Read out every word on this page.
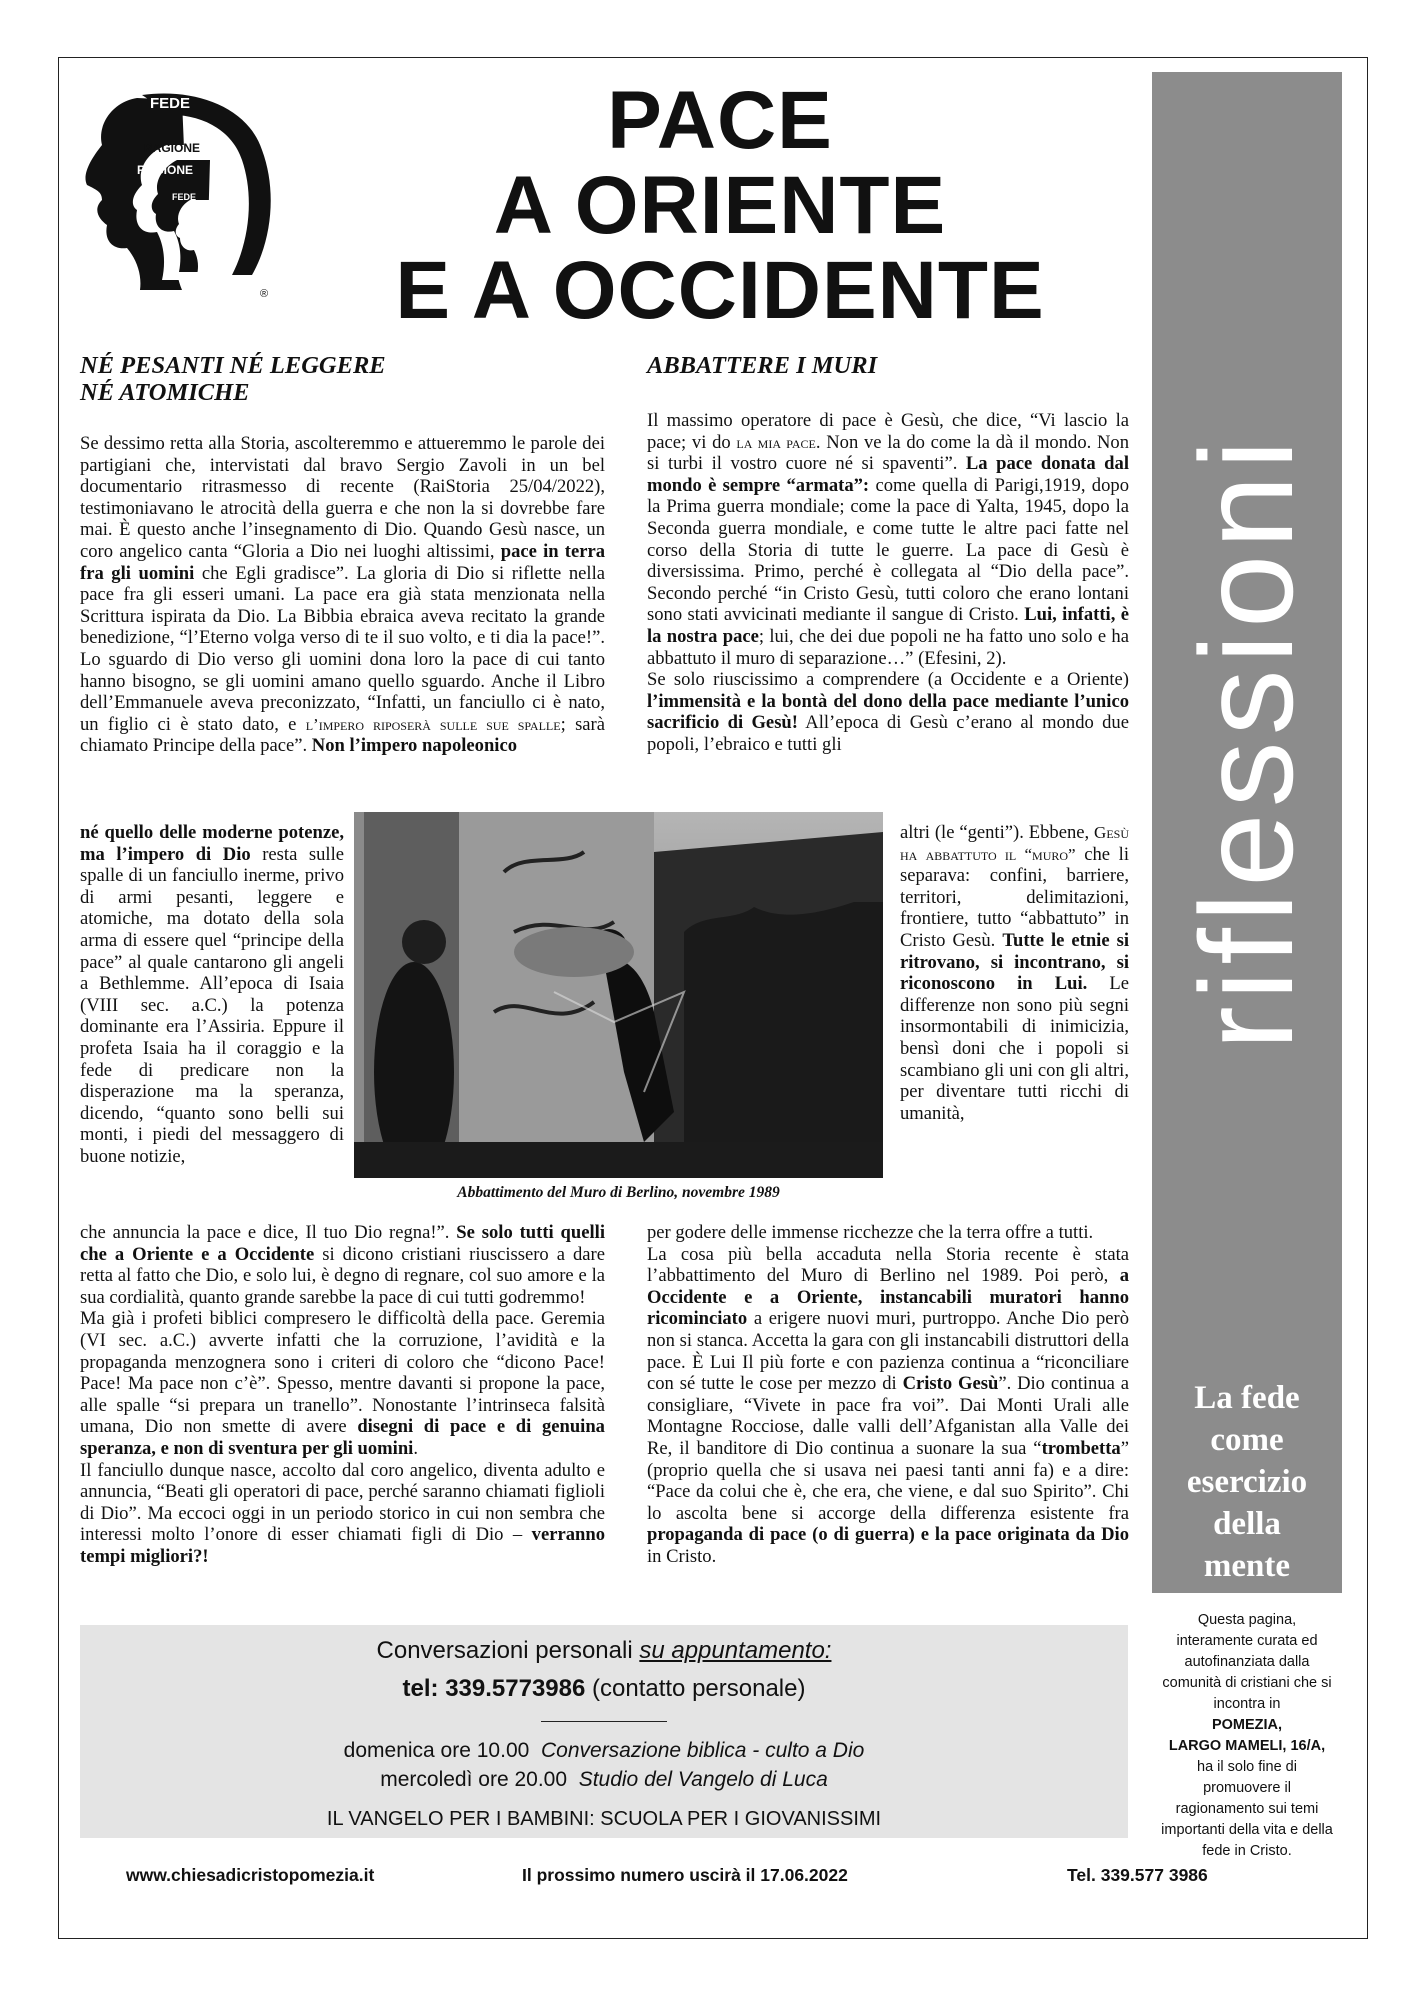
FEDE
RAGIONE
RAGIONE
FEDE
®
PACE
A ORIENTE
E A OCCIDENTE
riflessioni
La fede
come
esercizio
della
mente
Questa pagina, interamente curata ed autofinanziata dalla comunità di cristiani che si incontra in
POMEZIA,
LARGO MAMELI, 16/A,
ha il solo fine di promuovere il ragionamento sui temi importanti della vita e della fede in Cristo.
NÉ PESANTI NÉ LEGGERE
NÉ ATOMICHE

Se dessimo retta alla Storia, ascolteremmo e attueremmo le parole dei partigiani che, intervistati dal bravo Sergio Zavoli in un bel documentario ritrasmesso di recente (RaiStoria 25/04/2022), testimoniavano le atrocità della guerra e che non la si dovrebbe fare mai. È questo anche l’insegnamento di Dio. Quando Gesù nasce, un coro angelico canta “Gloria a Dio nei luoghi altissimi, pace in terra fra gli uomini che Egli gradisce”. La gloria di Dio si riflette nella pace fra gli esseri umani. La pace era già stata menzionata nella Scrittura ispirata da Dio. La Bibbia ebraica aveva recitato la grande benedizione, “l’Eterno volga verso di te il suo volto, e ti dia la pace!”. Lo sguardo di Dio verso gli uomini dona loro la pace di cui tanto hanno bisogno, se gli uomini amano quello sguardo. Anche il Libro dell’Emmanuele aveva preconizzato, “Infatti, un fanciullo ci è nato, un figlio ci è stato dato, e l’impero riposerà sulle sue spalle; sarà chiamato Principe della pace”. Non l’impero napoleonico

né quello delle moderne potenze, ma l’impero di Dio resta sulle spalle di un fanciullo inerme, privo di armi pesanti, leggere e atomiche, ma dotato della sola arma di essere quel “principe della pace” al quale cantarono gli angeli a Bethlemme. All’epoca di Isaia (VIII sec. a.C.) la potenza dominante era l’Assiria. Eppure il profeta Isaia ha il coraggio e la fede di predicare non la disperazione ma la speranza, dicendo, “quanto sono belli sui monti, i piedi del messaggero di buone notizie,

che annuncia la pace e dice, Il tuo Dio regna!”. Se solo tutti quelli che a Oriente e a Occidente si dicono cristiani riuscissero a dare retta al fatto che Dio, e solo lui, è degno di regnare, col suo amore e la sua cordialità, quanto grande sarebbe la pace di cui tutti godremmo!

Ma già i profeti biblici compresero le difficoltà della pace. Geremia (VI sec. a.C.) avverte infatti che la corruzione, l’avidità e la propaganda menzognera sono i criteri di coloro che “dicono Pace! Pace! Ma pace non c’è”. Spesso, mentre davanti si propone la pace, alle spalle “si prepara un tranello”. Nonostante l’intrinseca falsità umana, Dio non smette di avere disegni di pace e di genuina speranza, e non di sventura per gli uomini.

Il fanciullo dunque nasce, accolto dal coro angelico, diventa adulto e annuncia, “Beati gli operatori di pace, perché saranno chiamati figlioli di Dio”. Ma eccoci oggi in un periodo storico in cui non sembra che interessi molto l’onore di esser chiamati figli di Dio – verranno tempi migliori?!

ABBATTERE I MURI

Il massimo operatore di pace è Gesù, che dice, “Vi lascio la pace; vi do la mia pace. Non ve la do come la dà il mondo. Non si turbi il vostro cuore né si spaventi”. La pace donata dal mondo è sempre “armata”: come quella di Parigi,1919, dopo la Prima guerra mondiale; come la pace di Yalta, 1945, dopo la Seconda guerra mondiale, e come tutte le altre paci fatte nel corso della Storia di tutte le guerre. La pace di Gesù è diversissima. Primo, perché è collegata al “Dio della pace”. Secondo perché “in Cristo Gesù, tutti coloro che erano lontani sono stati avvicinati mediante il sangue di Cristo. Lui, infatti, è la nostra pace; lui, che dei due popoli ne ha fatto uno solo e ha abbattuto il muro di separazione…” (Efesini, 2).

Se solo riuscissimo a comprendere (a Occidente e a Oriente) l’immensità e la bontà del dono della pace mediante l’unico sacrificio di Gesù! All’epoca di Gesù c’erano al mondo due popoli, l’ebraico e tutti gli

altri (le “genti”). Ebbene, Gesù ha abbattuto il “muro” che li separava: confini, barriere, territori, delimitazioni, frontiere, tutto “abbattuto” in Cristo Gesù. Tutte le etnie si ritrovano, si incontrano, si riconoscono in Lui. Le differenze non sono più segni insormontabili di inimicizia, bensì doni che i popoli si scambiano gli uni con gli altri, per diventare tutti ricchi di umanità,

per godere delle immense ricchezze che la terra offre a tutti.

La cosa più bella accaduta nella Storia recente è stata l’abbattimento del Muro di Berlino nel 1989. Poi però, a Occidente e a Oriente, instancabili muratori hanno ricominciato a erigere nuovi muri, purtroppo. Anche Dio però non si stanca. Accetta la gara con gli instancabili distruttori della pace. È Lui Il più forte e con pazienza continua a “riconciliare con sé tutte le cose per mezzo di Cristo Gesù”. Dio continua a consigliare, “Vivete in pace fra voi”. Dai Monti Urali alle Montagne Rocciose, dalle valli dell’Afganistan alla Valle dei Re, il banditore di Dio continua a suonare la sua “trombetta” (proprio quella che si usava nei paesi tanti anni fa) e a dire: “Pace da colui che è, che era, che viene, e dal suo Spirito”. Chi lo ascolta bene si accorge della differenza esistente fra propaganda di pace (o di guerra) e la pace originata da Dio in Cristo.

Abbattimento del Muro di Berlino, novembre 1989
Conversazioni personali su appuntamento:
tel: 339.5773986 (contatto personale)
domenica ore 10.00 Conversazione biblica - culto a Dio
mercoledì ore 20.00 Studio del Vangelo di Luca
IL VANGELO PER I BAMBINI: SCUOLA PER I GIOVANISSIMI
www.chiesadicristopomezia.it	Il prossimo numero uscirà il 17.06.2022	Tel. 339.577 3986
